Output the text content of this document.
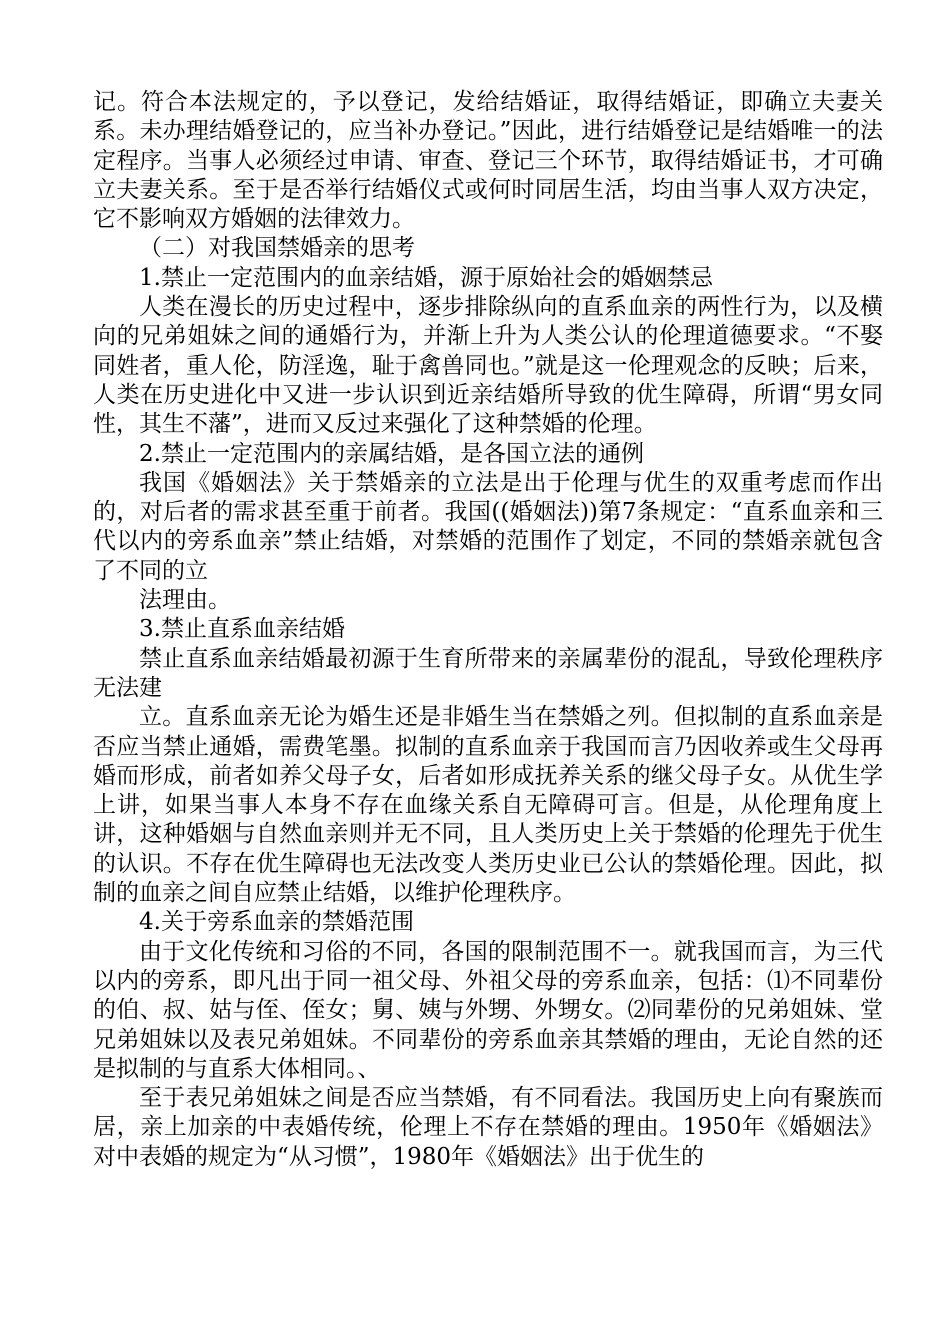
记。符合本法规定的，予以登记，发给结婚证，取得结婚证，即确立夫妻关系。未办理结婚登记的，应当补办登记。”因此，进行结婚登记是结婚唯一的法定程序。当事人必须经过申请、审查、登记三个环节，取得结婚证书，才可确立夫妻关系。至于是否举行结婚仪式或何时同居生活，均由当事人双方决定，它不影响双方婚姻的法律效力。

（二）对我国禁婚亲的思考

1.禁止一定范围内的血亲结婚，源于原始社会的婚姻禁忌

人类在漫长的历史过程中，逐步排除纵向的直系血亲的两性行为，以及横向的兄弟姐妹之间的通婚行为，并渐上升为人类公认的伦理道德要求。“不娶同姓者，重人伦，防淫逸，耻于禽兽同也。”就是这一伦理观念的反映；后来，人类在历史进化中又进一步认识到近亲结婚所导致的优生障碍，所谓“男女同性，其生不藩”，进而又反过来强化了这种禁婚的伦理。

2.禁止一定范围内的亲属结婚，是各国立法的通例

我国《婚姻法》关于禁婚亲的立法是出于伦理与优生的双重考虑而作出的，对后者的需求甚至重于前者。我国((婚姻法))第7条规定：“直系血亲和三代以内的旁系血亲”禁止结婚，对禁婚的范围作了划定，不同的禁婚亲就包含了不同的立

法理由。

3.禁止直系血亲结婚

禁止直系血亲结婚最初源于生育所带来的亲属辈份的混乱，导致伦理秩序无法建

立。直系血亲无论为婚生还是非婚生当在禁婚之列。但拟制的直系血亲是否应当禁止通婚，需费笔墨。拟制的直系血亲于我国而言乃因收养或生父母再婚而形成，前者如养父母子女，后者如形成抚养关系的继父母子女。从优生学上讲，如果当事人本身不存在血缘关系自无障碍可言。但是，从伦理角度上讲，这种婚姻与自然血亲则并无不同，且人类历史上关于禁婚的伦理先于优生的认识。不存在优生障碍也无法改变人类历史业已公认的禁婚伦理。因此，拟制的血亲之间自应禁止结婚，以维护伦理秩序。

4.关于旁系血亲的禁婚范围

由于文化传统和习俗的不同，各国的限制范围不一。就我国而言，为三代以内的旁系，即凡出于同一祖父母、外祖父母的旁系血亲，包括：⑴不同辈份的伯、叔、姑与侄、侄女；舅、姨与外甥、外甥女。⑵同辈份的兄弟姐妹、堂兄弟姐妹以及表兄弟姐妹。不同辈份的旁系血亲其禁婚的理由，无论自然的还是拟制的与直系大体相同。、

至于表兄弟姐妹之间是否应当禁婚，有不同看法。我国历史上向有聚族而居，亲上加亲的中表婚传统，伦理上不存在禁婚的理由。1950年《婚姻法》对中表婚的规定为“从习惯”，1980年《婚姻法》出于优生的
